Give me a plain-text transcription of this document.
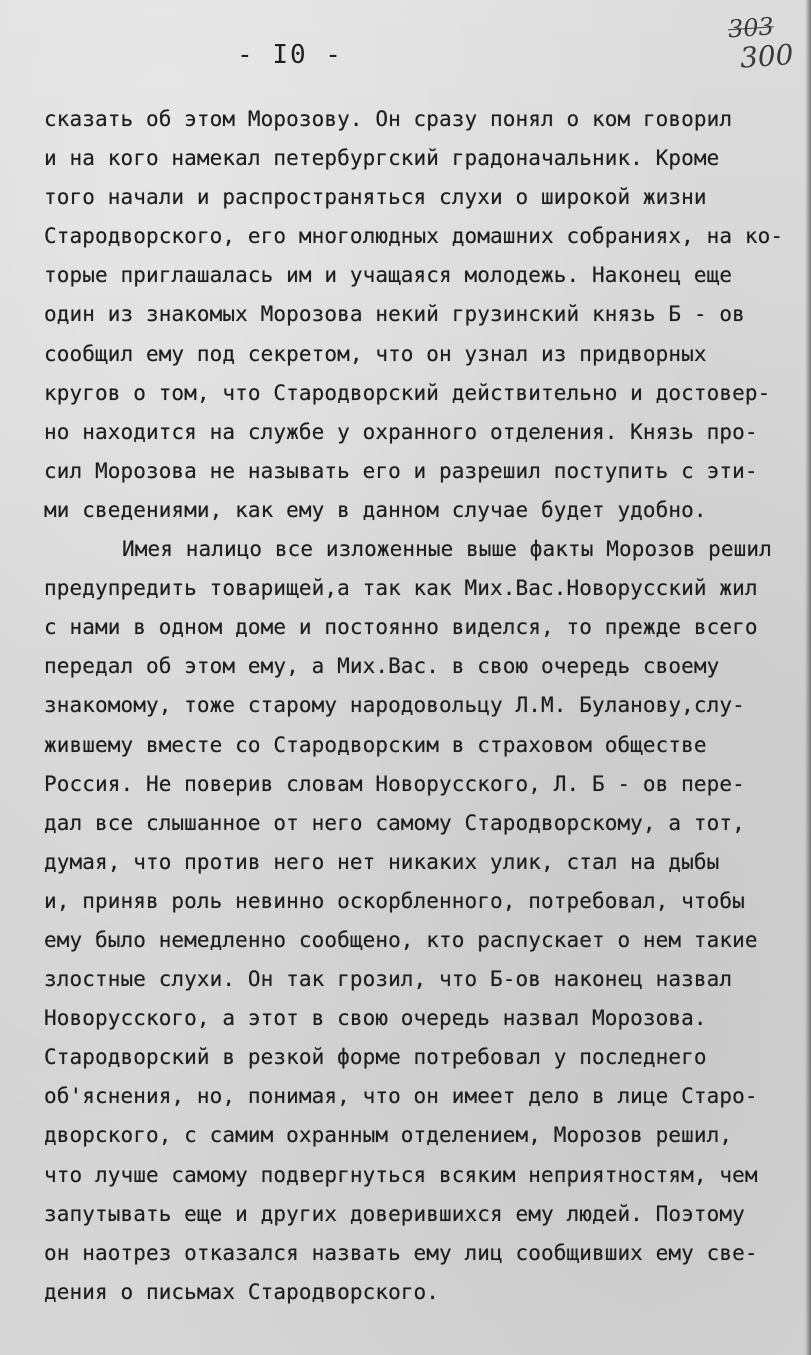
- I0 -
303
300
сказать об этом Морозову. Он сразу понял о ком говорил
и на кого намекал петербургский градоначальник. Кроме
того начали и распространяться слухи о широкой жизни
Стародворского, его многолюдных домашних собраниях, на ко-
торые приглашалась им и учащаяся молодежь. Наконец еще
один из знакомых Морозова некий грузинский князь Б - ов
сообщил ему под секретом, что он узнал из придворных
кругов о том, что Стародворский действительно и достовер-
но находится на службе у охранного отделения. Князь про-
сил Морозова не называть его и разрешил поступить с эти-
ми сведениями, как ему в данном случае будет удобно.
Имея налицо все изложенные выше факты Морозов решил
предупредить товарищей,а так как Мих.Вас.Новорусский жил
с нами в одном доме и постоянно виделся, то прежде всего
передал об этом ему, а Мих.Вас. в свою очередь своему
знакомому, тоже старому народовольцу Л.М. Буланову,слу-
жившему вместе со Стародворским в страховом обществе
Россия. Не поверив словам Новорусского, Л. Б - ов пере-
дал все слышанное от него самому Стародворскому, а тот,
думая, что против него нет никаких улик, стал на дыбы
и, приняв роль невинно оскорбленного, потребовал, чтобы
ему было немедленно сообщено, кто распускает о нем такие
злостные слухи. Он так грозил, что Б-ов наконец назвал
Новорусского, а этот в свою очередь назвал Морозова.
Стародворский в резкой форме потребовал у последнего
об'яснения, но, понимая, что он имеет дело в лице Старо-
дворского, с самим охранным отделением, Морозов решил,
что лучше самому подвергнуться всяким неприятностям, чем
запутывать еще и других доверившихся ему людей. Поэтому
он наотрез отказался назвать ему лиц сообщивших ему све-
дения о письмах Стародворского.
